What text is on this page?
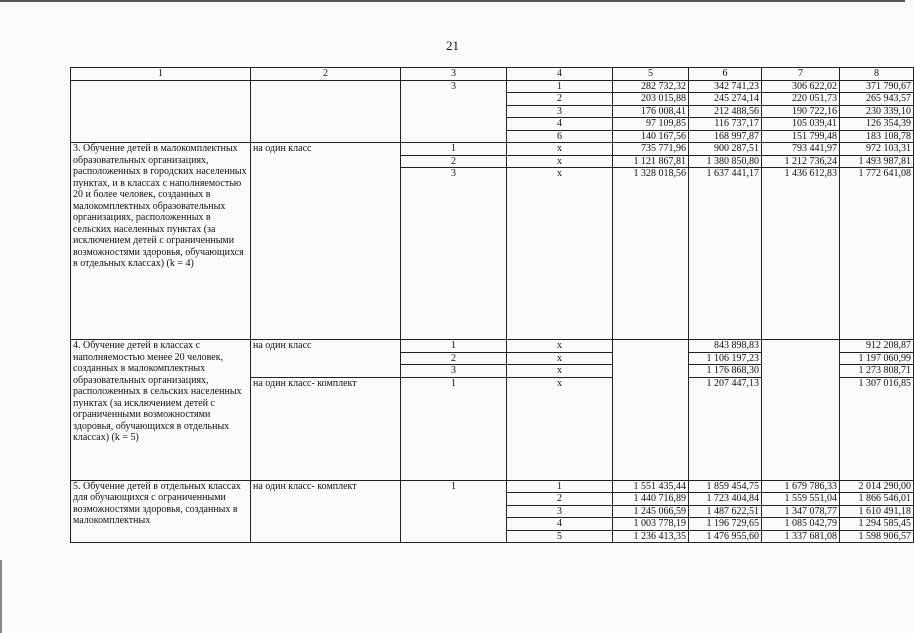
21
1	2	3	4	5	6	7	8
		3	1	282 732,32	342 741,23	306 622,02	371 790,67
			2	203 015,88	245 274,14	220 051,73	265 943,57
			3	176 008,41	212 488,56	190 722,16	230 339,10
			4	97 109,85	116 737,17	105 039,41	126 354,39
			6	140 167,56	168 997,87	151 799,48	183 108,78
3. Обучение детей в малокомплектных образовательных организациях, расположенных в городских населенных пунктах, и в классах с наполняемостью 20 и более человек, созданных в малокомплектных образовательных организациях, расположенных в сельских населенных пунктах (за исключением детей с ограниченными возможностями здоровья, обучающихся в отдельных классах) (k = 4)	на один класс	1	х	735 771,96	900 287,51	793 441,97	972 103,31
		2	х	1 121 867,81	1 380 850,80	1 212 736,24	1 493 987,81
		3	х	1 328 018,56	1 637 441,17	1 436 612,83	1 772 641,08
4. Обучение детей в классах с наполняемостью менее 20 человек, созданных в малокомплектных образовательных организациях, расположенных в сельских населенных пунктах (за исключением детей с ограниченными возможностями здоровья, обучающихся в отдельных классах) (k = 5)	на один класс	1	х		843 898,83		912 208,87
		2	х		1 106 197,23		1 197 060,99
		3	х		1 176 868,30		1 273 808,71
	на один класс- комплект	1	х		1 207 447,13		1 307 016,85
5. Обучение детей в отдельных классах для обучающихся с ограниченными возможностями здоровья, созданных в малокомплектных	на один класс- комплект	1	1	1 551 435,44	1 859 454,75	1 679 786,33	2 014 290,00
			2	1 440 716,89	1 723 404,84	1 559 551,04	1 866 546,01
			3	1 245 066,59	1 487 622,51	1 347 078,77	1 610 491,18
			4	1 003 778,19	1 196 729,65	1 085 042,79	1 294 585,45
			5	1 236 413,35	1 476 955,60	1 337 681,08	1 598 906,57
